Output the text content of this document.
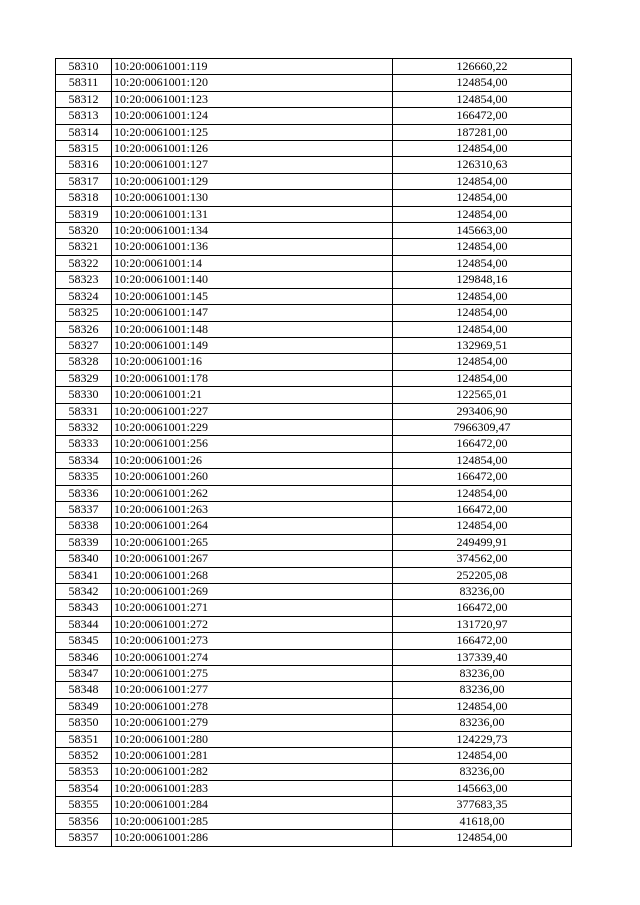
58310	10:20:0061001:119	126660,22
58311	10:20:0061001:120	124854,00
58312	10:20:0061001:123	124854,00
58313	10:20:0061001:124	166472,00
58314	10:20:0061001:125	187281,00
58315	10:20:0061001:126	124854,00
58316	10:20:0061001:127	126310,63
58317	10:20:0061001:129	124854,00
58318	10:20:0061001:130	124854,00
58319	10:20:0061001:131	124854,00
58320	10:20:0061001:134	145663,00
58321	10:20:0061001:136	124854,00
58322	10:20:0061001:14	124854,00
58323	10:20:0061001:140	129848,16
58324	10:20:0061001:145	124854,00
58325	10:20:0061001:147	124854,00
58326	10:20:0061001:148	124854,00
58327	10:20:0061001:149	132969,51
58328	10:20:0061001:16	124854,00
58329	10:20:0061001:178	124854,00
58330	10:20:0061001:21	122565,01
58331	10:20:0061001:227	293406,90
58332	10:20:0061001:229	7966309,47
58333	10:20:0061001:256	166472,00
58334	10:20:0061001:26	124854,00
58335	10:20:0061001:260	166472,00
58336	10:20:0061001:262	124854,00
58337	10:20:0061001:263	166472,00
58338	10:20:0061001:264	124854,00
58339	10:20:0061001:265	249499,91
58340	10:20:0061001:267	374562,00
58341	10:20:0061001:268	252205,08
58342	10:20:0061001:269	83236,00
58343	10:20:0061001:271	166472,00
58344	10:20:0061001:272	131720,97
58345	10:20:0061001:273	166472,00
58346	10:20:0061001:274	137339,40
58347	10:20:0061001:275	83236,00
58348	10:20:0061001:277	83236,00
58349	10:20:0061001:278	124854,00
58350	10:20:0061001:279	83236,00
58351	10:20:0061001:280	124229,73
58352	10:20:0061001:281	124854,00
58353	10:20:0061001:282	83236,00
58354	10:20:0061001:283	145663,00
58355	10:20:0061001:284	377683,35
58356	10:20:0061001:285	41618,00
58357	10:20:0061001:286	124854,00
